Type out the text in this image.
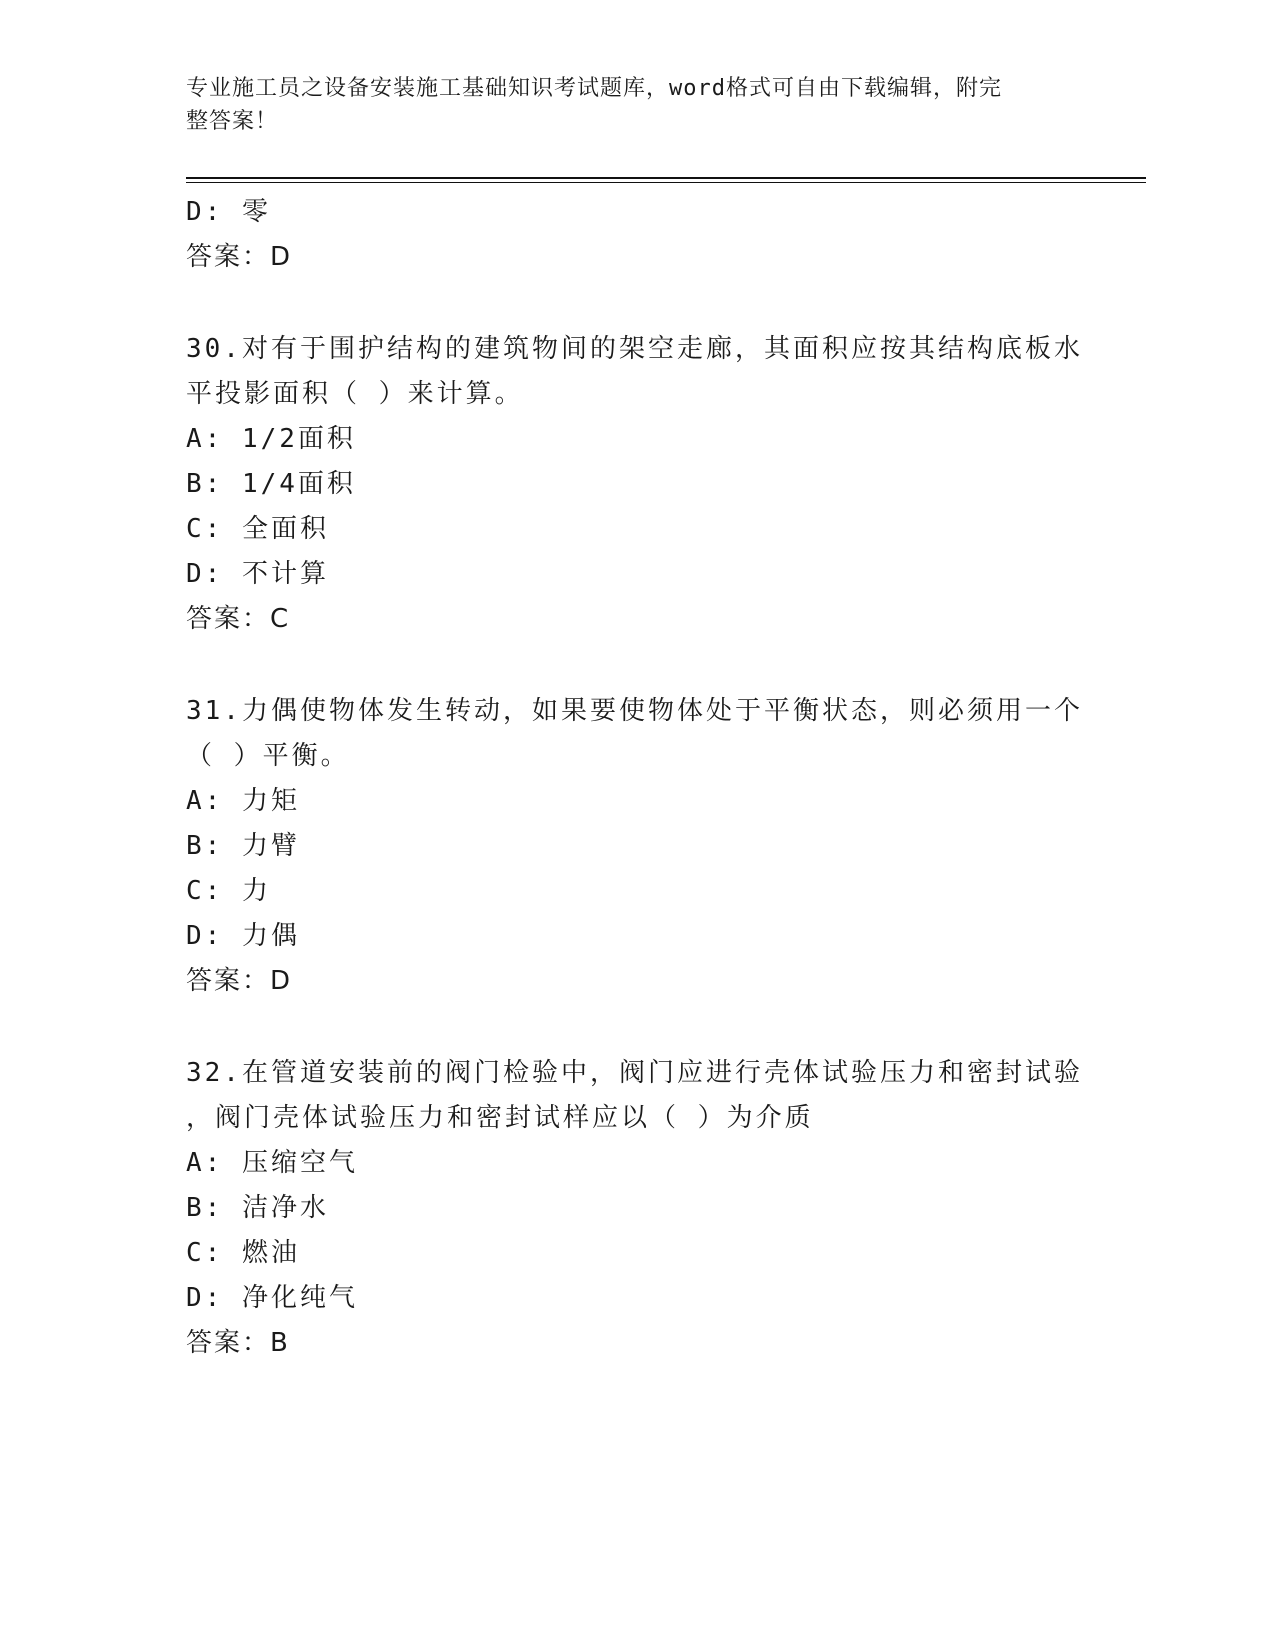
专业施工员之设备安装施工基础知识考试题库，word格式可自由下载编辑，附完
整答案！
D: 零
答案：D
30.对有于围护结构的建筑物间的架空走廊，其面积应按其结构底板水
平投影面积（ ）来计算。
A: 1/2面积
B: 1/4面积
C: 全面积
D: 不计算
答案：C
31.力偶使物体发生转动，如果要使物体处于平衡状态，则必须用一个
（ ）平衡。
A: 力矩
B: 力臂
C: 力
D: 力偶
答案：D
32.在管道安装前的阀门检验中，阀门应进行壳体试验压力和密封试验
，阀门壳体试验压力和密封试样应以（ ）为介质
A: 压缩空气
B: 洁净水
C: 燃油
D: 净化纯气
答案：B
